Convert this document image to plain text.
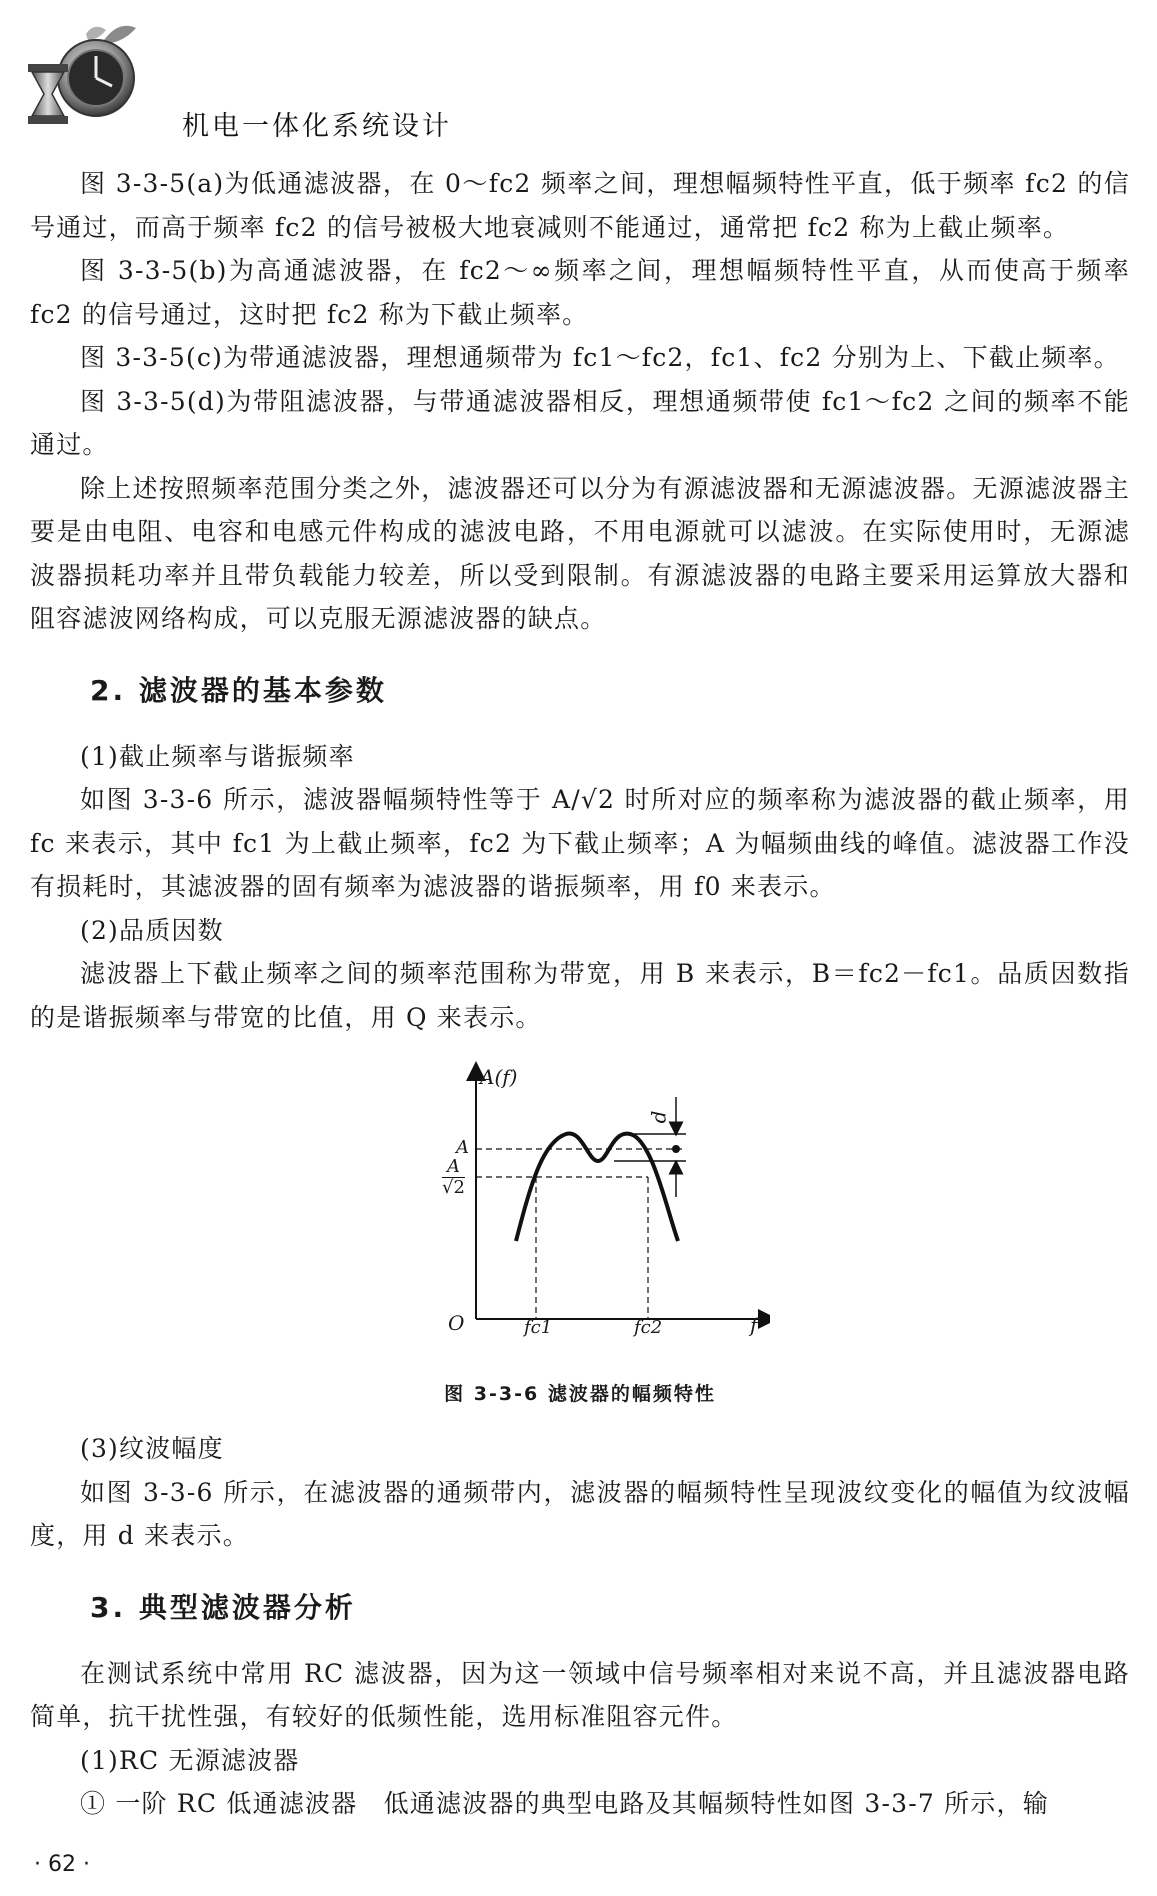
机电一体化系统设计

图 3-3-5(a)为低通滤波器，在 0～fc2 频率之间，理想幅频特性平直，低于频率 fc2 的信号通过，而高于频率 fc2 的信号被极大地衰减则不能通过，通常把 fc2 称为上截止频率。

图 3-3-5(b)为高通滤波器，在 fc2～∞频率之间，理想幅频特性平直，从而使高于频率 fc2 的信号通过，这时把 fc2 称为下截止频率。

图 3-3-5(c)为带通滤波器，理想通频带为 fc1～fc2，fc1、fc2 分别为上、下截止频率。

图 3-3-5(d)为带阻滤波器，与带通滤波器相反，理想通频带使 fc1～fc2 之间的频率不能通过。

除上述按照频率范围分类之外，滤波器还可以分为有源滤波器和无源滤波器。无源滤波器主要是由电阻、电容和电感元件构成的滤波电路，不用电源就可以滤波。在实际使用时，无源滤波器损耗功率并且带负载能力较差，所以受到限制。有源滤波器的电路主要采用运算放大器和阻容滤波网络构成，可以克服无源滤波器的缺点。

2. 滤波器的基本参数

(1)截止频率与谐振频率

如图 3-3-6 所示，滤波器幅频特性等于 A/√2 时所对应的频率称为滤波器的截止频率，用 fc 来表示，其中 fc1 为上截止频率，fc2 为下截止频率；A 为幅频曲线的峰值。滤波器工作没有损耗时，其滤波器的固有频率为滤波器的谐振频率，用 f0 来表示。

(2)品质因数

滤波器上下截止频率之间的频率范围称为带宽，用 B 来表示，B＝fc2－fc1。品质因数指的是谐振频率与带宽的比值，用 Q 来表示。

A(f)
d
A
$\frac{A}{√2}$
O	fc1	fc2	f
图 3-3-6 滤波器的幅频特性

(3)纹波幅度

如图 3-3-6 所示，在滤波器的通频带内，滤波器的幅频特性呈现波纹变化的幅值为纹波幅度，用 d 来表示。

3. 典型滤波器分析

在测试系统中常用 RC 滤波器，因为这一领域中信号频率相对来说不高，并且滤波器电路简单，抗干扰性强，有较好的低频性能，选用标准阻容元件。

(1)RC 无源滤波器

① 一阶 RC 低通滤波器　低通滤波器的典型电路及其幅频特性如图 3-3-7 所示，输

· 62 ·
